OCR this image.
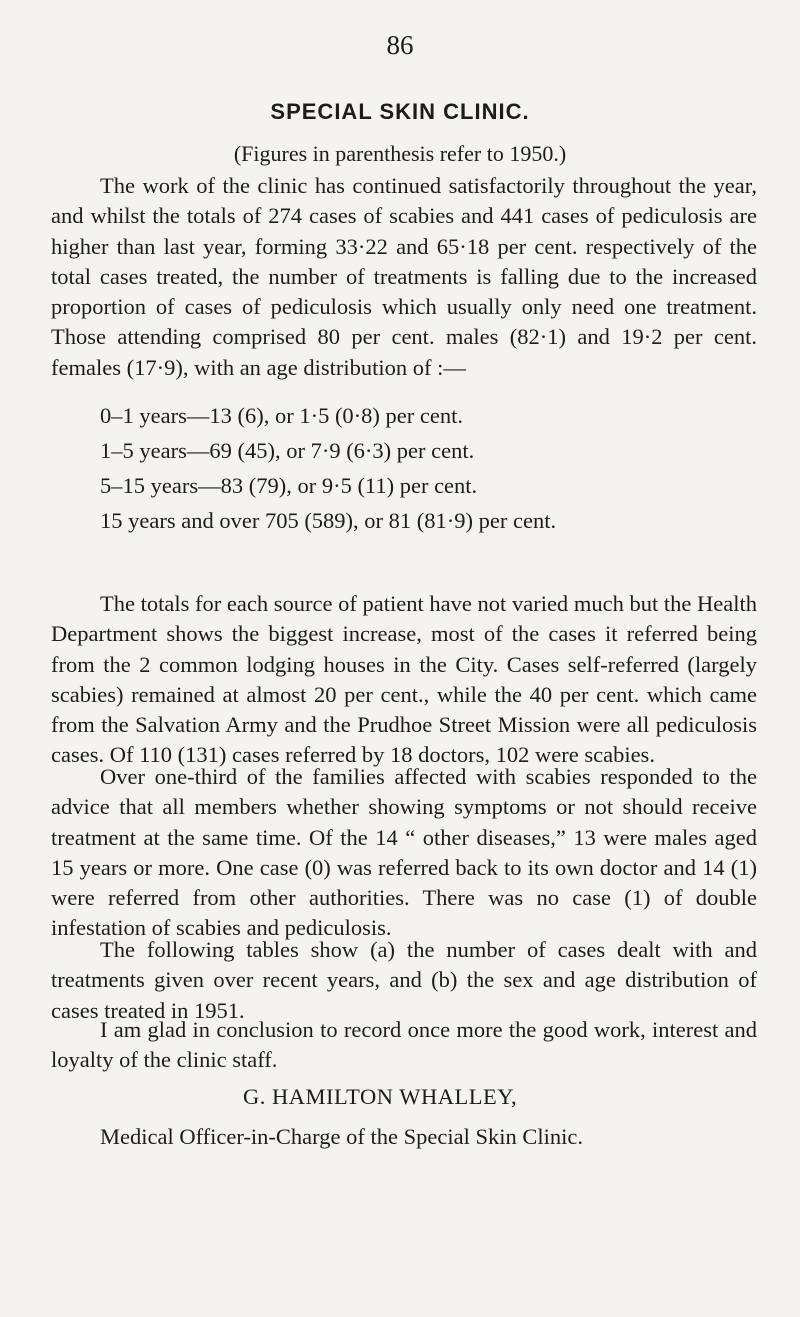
86
SPECIAL SKIN CLINIC.
(Figures in parenthesis refer to 1950.)

The work of the clinic has continued satisfactorily throughout the year, and whilst the totals of 274 cases of scabies and 441 cases of pediculosis are higher than last year, forming 33·22 and 65·18 per cent. respectively of the total cases treated, the number of treatments is falling due to the increased proportion of cases of pediculosis which usually only need one treatment. Those attending comprised 80 per cent. males (82·1) and 19·2 per cent. females (17·9), with an age distribution of :—

0–1 years—13 (6), or 1·5 (0·8) per cent.
1–5 years—69 (45), or 7·9 (6·3) per cent.
5–15 years—83 (79), or 9·5 (11) per cent.
15 years and over 705 (589), or 81 (81·9) per cent.

The totals for each source of patient have not varied much but the Health Department shows the biggest increase, most of the cases it referred being from the 2 common lodging houses in the City. Cases self-referred (largely scabies) remained at almost 20 per cent., while the 40 per cent. which came from the Salvation Army and the Prudhoe Street Mission were all pediculosis cases. Of 110 (131) cases referred by 18 doctors, 102 were scabies.

Over one-third of the families affected with scabies responded to the advice that all members whether showing symptoms or not should receive treatment at the same time. Of the 14 “ other diseases,” 13 were males aged 15 years or more. One case (0) was referred back to its own doctor and 14 (1) were referred from other authorities. There was no case (1) of double infestation of scabies and pediculosis.

The following tables show (a) the number of cases dealt with and treatments given over recent years, and (b) the sex and age distribution of cases treated in 1951.

I am glad in conclusion to record once more the good work, interest and loyalty of the clinic staff.

G. HAMILTON WHALLEY,
Medical Officer-in-Charge of the Special Skin Clinic.
